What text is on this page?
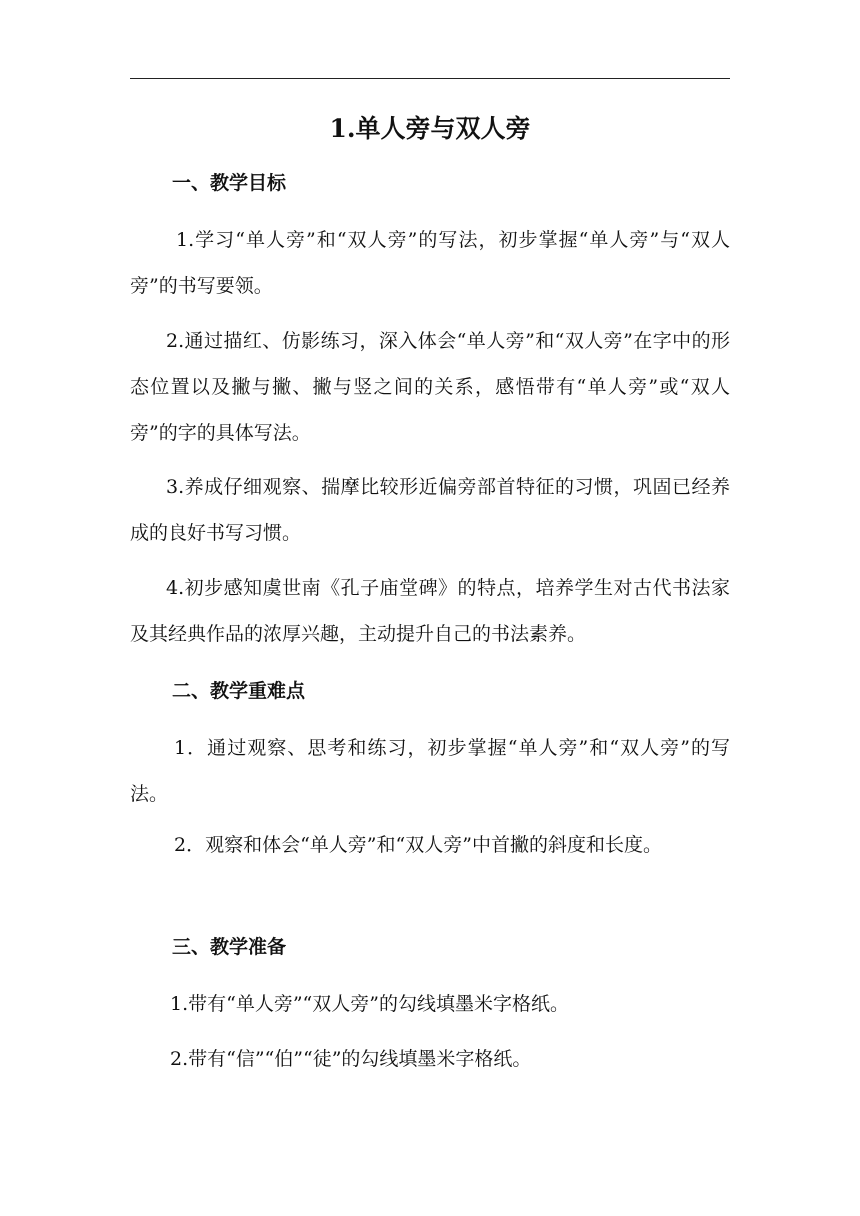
1.单人旁与双人旁
一、教学目标

1.学习“单人旁”和“双人旁”的写法，初步掌握“单人旁”与“双人旁”的书写要领。

2.通过描红、仿影练习，深入体会“单人旁”和“双人旁”在字中的形态位置以及撇与撇、撇与竖之间的关系，感悟带有“单人旁”或“双人旁”的字的具体写法。

3.养成仔细观察、揣摩比较形近偏旁部首特征的习惯，巩固已经养成的良好书写习惯。

4.初步感知虞世南《孔子庙堂碑》的特点，培养学生对古代书法家及其经典作品的浓厚兴趣，主动提升自己的书法素养。

二、教学重难点

1．通过观察、思考和练习，初步掌握“单人旁”和“双人旁”的写法。

2．观察和体会“单人旁”和“双人旁”中首撇的斜度和长度。

三、教学准备

1.带有“单人旁”“双人旁”的勾线填墨米字格纸。

2.带有“信”“伯”“徒”的勾线填墨米字格纸。
